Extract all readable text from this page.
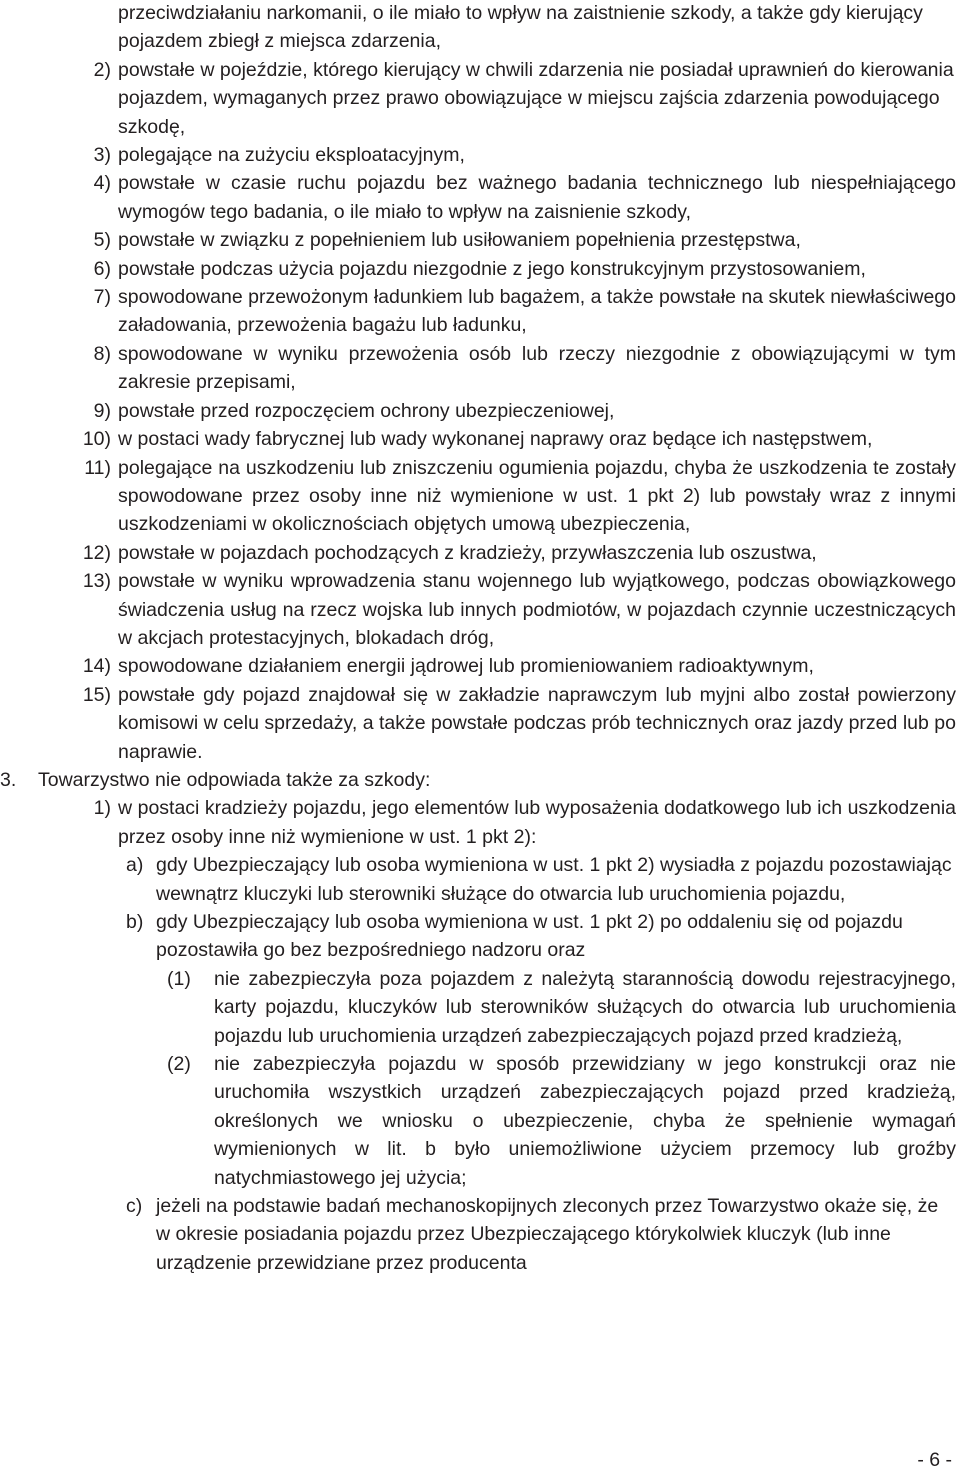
przeciwdziałaniu narkomanii, o ile miało to wpływ na zaistnienie szkody, a także gdy kierujący pojazdem zbiegł z miejsca zdarzenia,
2) powstałe w pojeździe, którego kierujący w chwili zdarzenia nie posiadał uprawnień do kierowania pojazdem, wymaganych przez prawo obowiązujące w miejscu zajścia zdarzenia powodującego szkodę,
3) polegające na zużyciu eksploatacyjnym,
4) powstałe w czasie ruchu pojazdu bez ważnego badania technicznego lub niespełniającego wymogów tego badania, o ile miało to wpływ na zaisnienie szkody,
5) powstałe w związku z popełnieniem lub usiłowaniem popełnienia przestępstwa,
6) powstałe podczas użycia pojazdu niezgodnie z jego konstrukcyjnym przystosowaniem,
7) spowodowane przewożonym ładunkiem lub bagażem, a także powstałe na skutek niewłaściwego załadowania, przewożenia bagażu lub ładunku,
8) spowodowane w wyniku przewożenia osób lub rzeczy niezgodnie z obowiązującymi w tym zakresie przepisami,
9) powstałe przed rozpoczęciem ochrony ubezpieczeniowej,
10) w postaci wady fabrycznej lub wady wykonanej naprawy oraz będące ich następstwem,
11) polegające na uszkodzeniu lub zniszczeniu ogumienia pojazdu, chyba że uszkodzenia te zostały spowodowane przez osoby inne niż wymienione w ust. 1 pkt 2) lub powstały wraz z innymi uszkodzeniami w okolicznościach objętych umową ubezpieczenia,
12) powstałe w pojazdach pochodzących z kradzieży, przywłaszczenia lub oszustwa,
13) powstałe w wyniku wprowadzenia stanu wojennego lub wyjątkowego, podczas obowiązkowego świadczenia usług na rzecz wojska lub innych podmiotów, w pojazdach czynnie uczestniczących w akcjach protestacyjnych, blokadach dróg,
14) spowodowane działaniem energii jądrowej lub promieniowaniem radioaktywnym,
15) powstałe gdy pojazd znajdował się w zakładzie naprawczym lub myjni albo został powierzony komisowi w celu sprzedaży, a także powstałe podczas prób technicznych oraz jazdy przed lub po naprawie.
3. Towarzystwo nie odpowiada także za szkody:
1) w postaci kradzieży pojazdu, jego elementów lub wyposażenia dodatkowego lub ich uszkodzenia przez osoby inne niż wymienione w ust. 1 pkt 2):
a) gdy Ubezpieczający lub osoba wymieniona w ust. 1 pkt 2) wysiadła z pojazdu pozostawiając wewnątrz kluczyki lub sterowniki służące do otwarcia lub uruchomienia pojazdu,
b) gdy Ubezpieczający lub osoba wymieniona w ust. 1 pkt 2) po oddaleniu się od pojazdu pozostawiła go bez bezpośredniego nadzoru oraz
(1) nie zabezpieczyła poza pojazdem z należytą starannością dowodu rejestracyjnego, karty pojazdu, kluczyków lub sterowników służących do otwarcia lub uruchomienia pojazdu lub uruchomienia urządzeń zabezpieczających pojazd przed kradzieżą,
(2) nie zabezpieczyła pojazdu w sposób przewidziany w jego konstrukcji oraz nie uruchomiła wszystkich urządzeń zabezpieczających pojazd przed kradzieżą, określonych we wniosku o ubezpieczenie, chyba że spełnienie wymagań wymienionych w lit. b było uniemożliwione użyciem przemocy lub groźby natychmiastowego jej użycia;
c) jeżeli na podstawie badań mechanoskopijnych zleconych przez Towarzystwo okaże się, że w okresie posiadania pojazdu przez Ubezpieczającego którykolwiek kluczyk (lub inne urządzenie przewidziane przez producenta
- 6 -
